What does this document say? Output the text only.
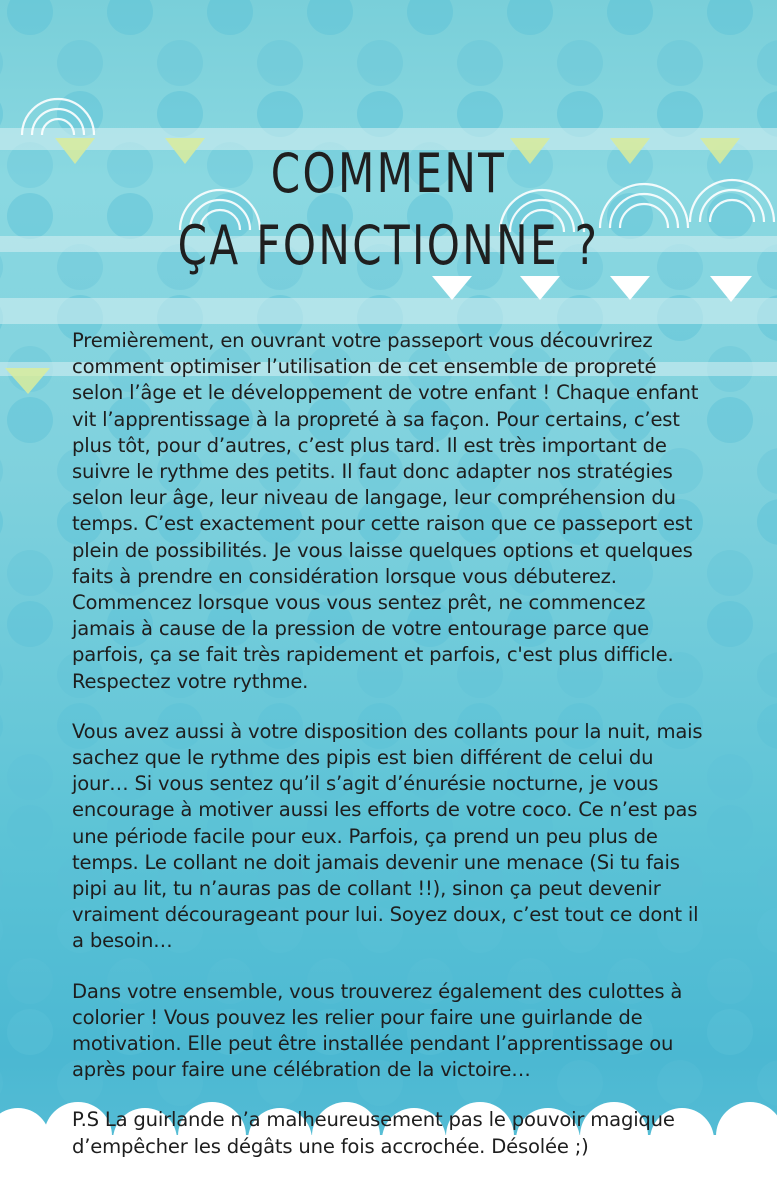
COMMENT
ÇA FONCTIONNE ?

Premièrement, en ouvrant votre passeport vous découvrirez comment optimiser l’utilisation de cet ensemble de propreté selon l’âge et le développement de votre enfant ! Chaque enfant vit l’apprentissage à la propreté à sa façon. Pour certains, c’est plus tôt, pour d’autres, c’est plus tard. Il est très important de suivre le rythme des petits. Il faut donc adapter nos stratégies selon leur âge, leur niveau de langage, leur compréhension du temps. C’est exactement pour cette raison que ce passeport est plein de possibilités. Je vous laisse quelques options et quelques faits à prendre en considération lorsque vous débuterez. Commencez lorsque vous vous sentez prêt, ne commencez jamais à cause de la pression de votre entourage parce que parfois, ça se fait très rapidement et parfois, c'est plus difficle. Respectez votre rythme.

Vous avez aussi à votre disposition des collants pour la nuit, mais sachez que le rythme des pipis est bien différent de celui du jour… Si vous sentez qu’il s’agit d’énurésie nocturne, je vous encourage à motiver aussi les efforts de votre coco. Ce n’est pas une période facile pour eux. Parfois, ça prend un peu plus de temps. Le collant ne doit jamais devenir une menace (Si tu fais pipi au lit, tu n’auras pas de collant !!), sinon ça peut devenir vraiment décourageant pour lui. Soyez doux, c’est tout ce dont il a besoin…

Dans votre ensemble, vous trouverez également des culottes à colorier ! Vous pouvez les relier pour faire une guirlande de motivation. Elle peut être installée pendant l’apprentissage ou après pour faire une célébration de la victoire…

P.S La guirlande n’a malheureusement pas le pouvoir magique d’empêcher les dégâts une fois accrochée. Désolée ;)
